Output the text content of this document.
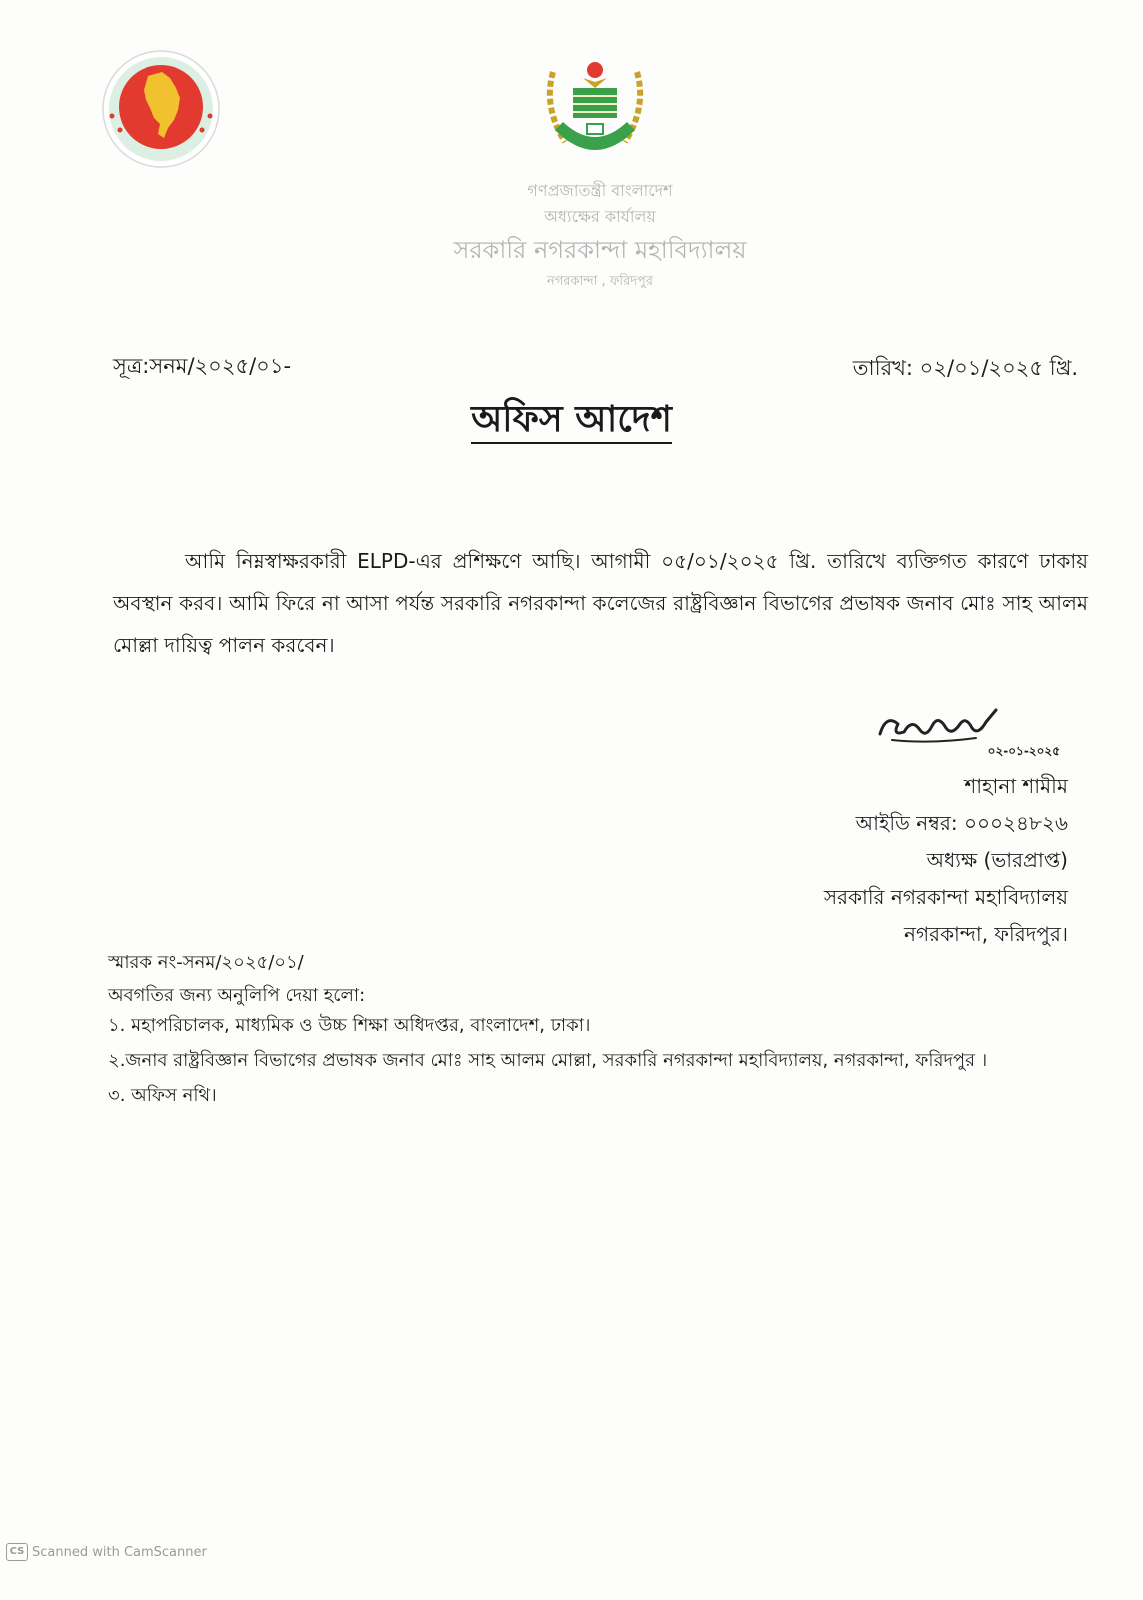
গণপ্রজাতন্ত্রী বাংলাদেশ
অধ্যক্ষের কার্যালয়
সরকারি নগরকান্দা মহাবিদ্যালয়
নগরকান্দা , ফরিদপুর
সূত্র:সনম/২০২৫/০১-	তারিখ: ০২/০১/২০২৫ খ্রি.
অফিস আদেশ

আমি নিম্নস্বাক্ষরকারী ELPD-এর প্রশিক্ষণে আছি। আগামী ০৫/০১/২০২৫ খ্রি. তারিখে ব্যক্তিগত কারণে ঢাকায় অবস্থান করব। আমি ফিরে না আসা পর্যন্ত সরকারি নগরকান্দা কলেজের রাষ্ট্রবিজ্ঞান বিভাগের প্রভাষক জনাব মোঃ সাহ আলম মোল্লা দায়িত্ব পালন করবেন।

০২-০১-২০২৫
শাহানা শামীম
আইডি নম্বর: ০০০২৪৮২৬
অধ্যক্ষ (ভারপ্রাপ্ত)
সরকারি নগরকান্দা মহাবিদ্যালয়
নগরকান্দা, ফরিদপুর।
স্মারক নং-সনম/২০২৫/০১/
অবগতির জন্য অনুলিপি দেয়া হলো:
১. মহাপরিচালক, মাধ্যমিক ও উচ্চ শিক্ষা অধিদপ্তর, বাংলাদেশ, ঢাকা।
২.জনাব রাষ্ট্রবিজ্ঞান বিভাগের প্রভাষক জনাব মোঃ সাহ আলম মোল্লা, সরকারি নগরকান্দা মহাবিদ্যালয়, নগরকান্দা, ফরিদপুর ।
৩. অফিস নথি।
CS Scanned with CamScanner
